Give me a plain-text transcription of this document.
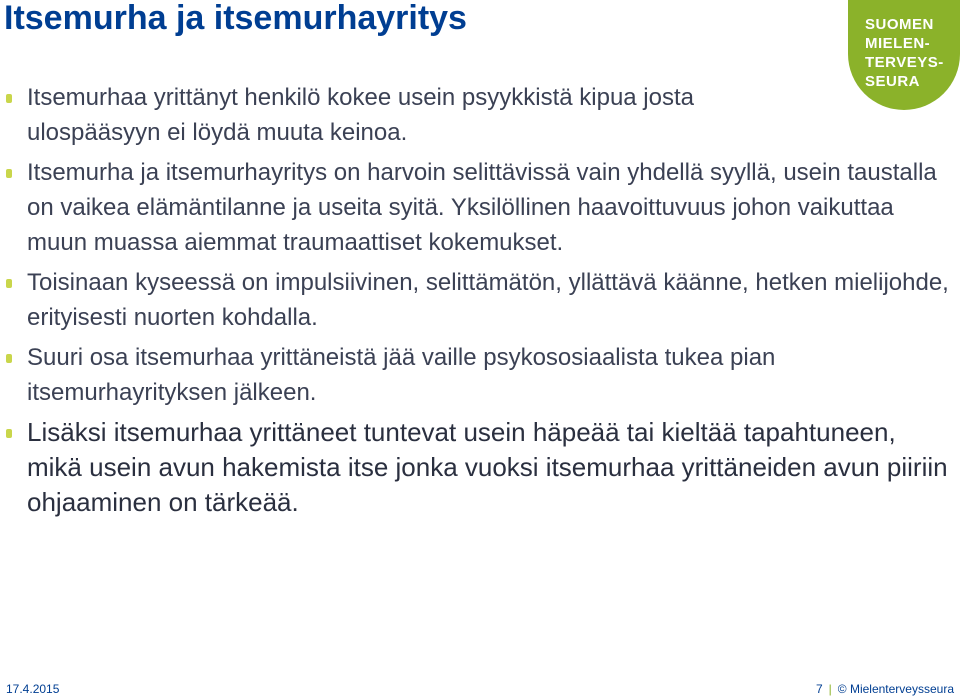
Itsemurha ja itsemurhayritys	SUOMEN
MIELEN-
TERVEYS-
SEURA
Itsemurhaa yrittänyt henkilö kokee usein psyykkistä kipua josta ulospääsyyn ei löydä muuta keinoa.
Itsemurha ja itsemurhayritys on harvoin selittävissä vain yhdellä syyllä, usein taustalla on vaikea elämäntilanne ja useita syitä. Yksilöllinen haavoittuvuus johon vaikuttaa muun muassa aiemmat traumaattiset kokemukset.
Toisinaan kyseessä on impulsiivinen, selittämätön, yllättävä käänne, hetken mielijohde, erityisesti nuorten kohdalla.
Suuri osa itsemurhaa yrittäneistä jää vaille psykososiaalista tukea pian itsemurhayrityksen jälkeen.
Lisäksi itsemurhaa yrittäneet tuntevat usein häpeää tai kieltää tapahtuneen, mikä usein avun hakemista itse jonka vuoksi itsemurhaa yrittäneiden avun piiriin ohjaaminen on tärkeää.
17.4.2015	7 | © Mielenterveysseura
